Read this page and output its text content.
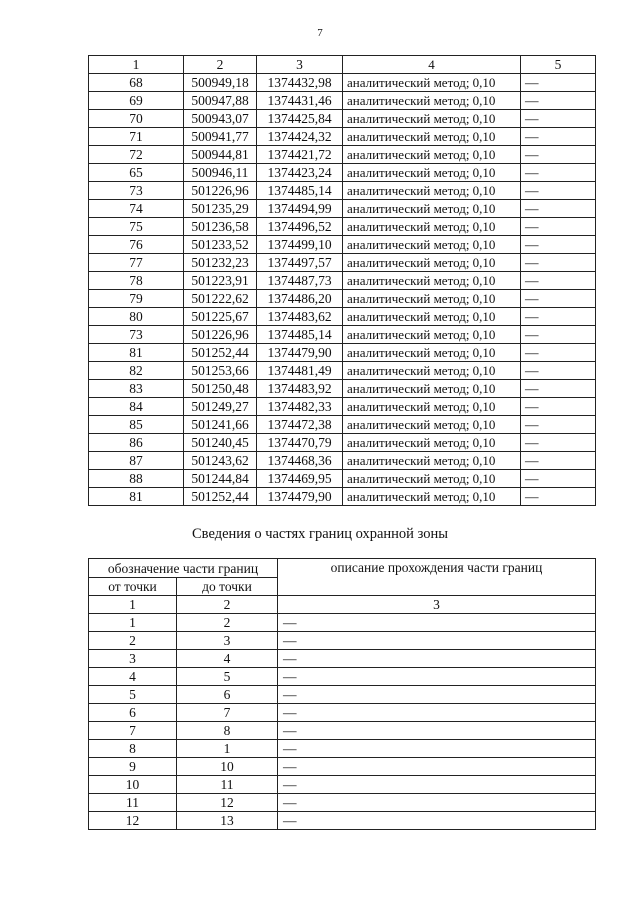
7
1	2	3	4	5
68	500949,18	1374432,98	аналитический метод; 0,10	—
69	500947,88	1374431,46	аналитический метод; 0,10	—
70	500943,07	1374425,84	аналитический метод; 0,10	—
71	500941,77	1374424,32	аналитический метод; 0,10	—
72	500944,81	1374421,72	аналитический метод; 0,10	—
65	500946,11	1374423,24	аналитический метод; 0,10	—
73	501226,96	1374485,14	аналитический метод; 0,10	—
74	501235,29	1374494,99	аналитический метод; 0,10	—
75	501236,58	1374496,52	аналитический метод; 0,10	—
76	501233,52	1374499,10	аналитический метод; 0,10	—
77	501232,23	1374497,57	аналитический метод; 0,10	—
78	501223,91	1374487,73	аналитический метод; 0,10	—
79	501222,62	1374486,20	аналитический метод; 0,10	—
80	501225,67	1374483,62	аналитический метод; 0,10	—
73	501226,96	1374485,14	аналитический метод; 0,10	—
81	501252,44	1374479,90	аналитический метод; 0,10	—
82	501253,66	1374481,49	аналитический метод; 0,10	—
83	501250,48	1374483,92	аналитический метод; 0,10	—
84	501249,27	1374482,33	аналитический метод; 0,10	—
85	501241,66	1374472,38	аналитический метод; 0,10	—
86	501240,45	1374470,79	аналитический метод; 0,10	—
87	501243,62	1374468,36	аналитический метод; 0,10	—
88	501244,84	1374469,95	аналитический метод; 0,10	—
81	501252,44	1374479,90	аналитический метод; 0,10	—
Сведения о частях границ охранной зоны
обозначение части границ		описание прохождения части границ
от точки	до точки	
1	2	3
1	2	—
2	3	—
3	4	—
4	5	—
5	6	—
6	7	—
7	8	—
8	1	—
9	10	—
10	11	—
11	12	—
12	13	—
